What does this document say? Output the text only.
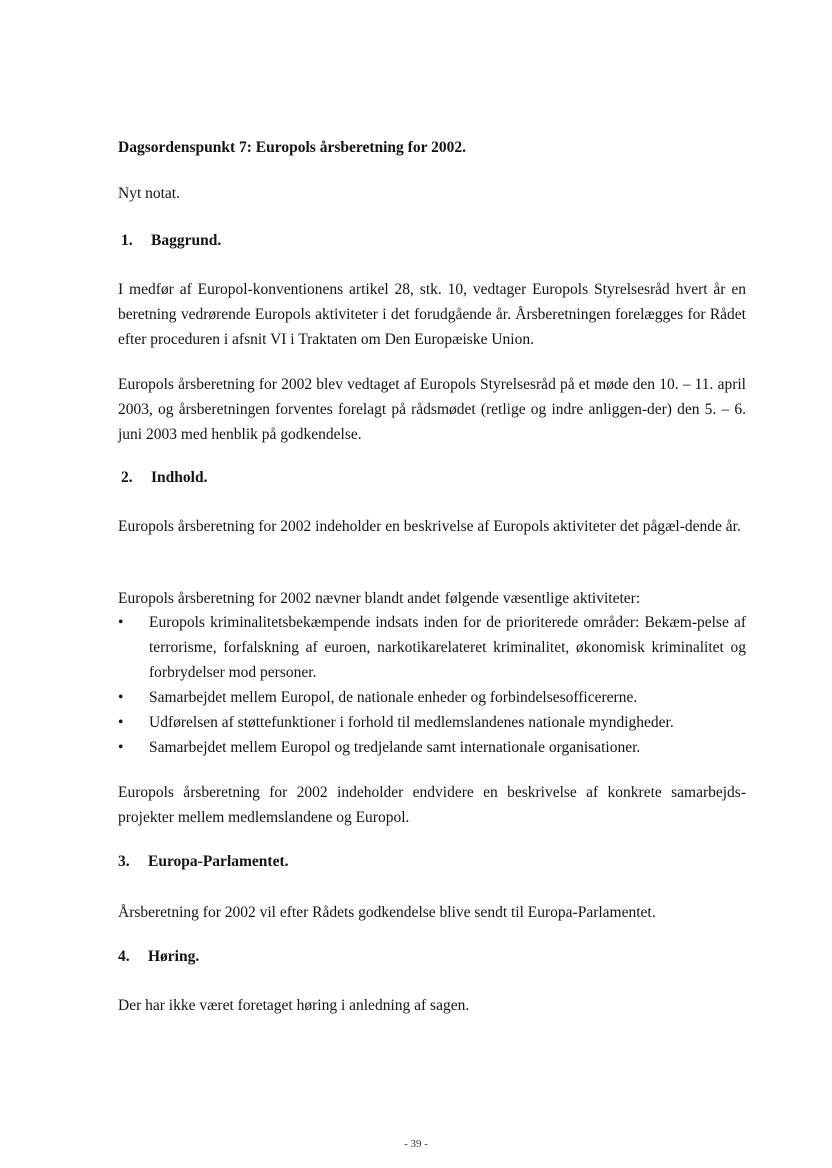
Dagsordenspunkt 7: Europols årsberetning for 2002.
Nyt notat.
1. Baggrund.
I medfør af Europol-konventionens artikel 28, stk. 10, vedtager Europols Styrelsesråd hvert år en beretning vedrørende Europols aktiviteter i det forudgående år. Årsberetningen forelægges for Rådet efter proceduren i afsnit VI i Traktaten om Den Europæiske Union.
Europols årsberetning for 2002 blev vedtaget af Europols Styrelsesråd på et møde den 10. – 11. april 2003, og årsberetningen forventes forelagt på rådsmødet (retlige og indre anliggen-der) den 5. – 6. juni 2003 med henblik på godkendelse.
2. Indhold.
Europols årsberetning for 2002 indeholder en beskrivelse af Europols aktiviteter det pågæl-dende år.
Europols årsberetning for 2002 nævner blandt andet følgende væsentlige aktiviteter:
• Europols kriminalitetsbekæmpende indsats inden for de prioriterede områder: Bekæm-pelse af terrorisme, forfalskning af euroen, narkotikarelateret kriminalitet, økonomisk kriminalitet og forbrydelser mod personer.
• Samarbejdet mellem Europol, de nationale enheder og forbindelsesofficererne.
• Udførelsen af støttefunktioner i forhold til medlemslandenes nationale myndigheder.
• Samarbejdet mellem Europol og tredjelande samt internationale organisationer.
Europols årsberetning for 2002 indeholder endvidere en beskrivelse af konkrete samarbejds-projekter mellem medlemslandene og Europol.
3. Europa-Parlamentet.
Årsberetning for 2002 vil efter Rådets godkendelse blive sendt til Europa-Parlamentet.
4. Høring.
Der har ikke været foretaget høring i anledning af sagen.
- 39 -
